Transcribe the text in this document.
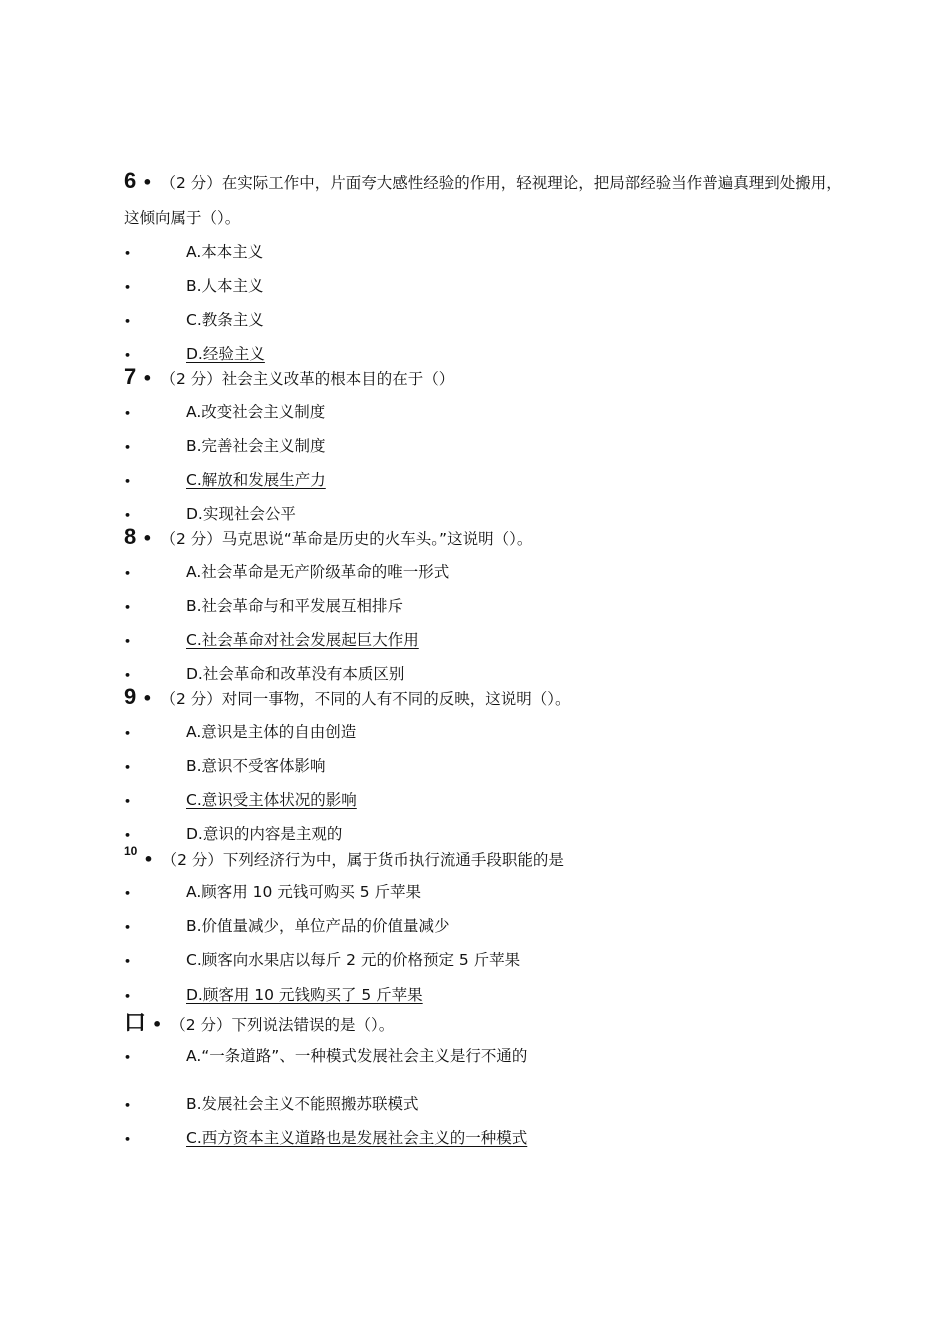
6 • （2 分）在实际工作中，片面夸大感性经验的作用，轻视理论，把局部经验当作普遍真理到处搬用，
这倾向属于（）。
•	A.本本主义
•	B.人本主义
•	C.教条主义
•	D.经验主义
7 • （2 分）社会主义改革的根本目的在于（）
•	A.改变社会主义制度
•	B.完善社会主义制度
•	C.解放和发展生产力
•	D.实现社会公平
8 • （2 分）马克思说“革命是历史的火车头。”这说明（）。
•	A.社会革命是无产阶级革命的唯一形式
•	B.社会革命与和平发展互相排斥
•	C.社会革命对社会发展起巨大作用
•	D.社会革命和改革没有本质区别
9 • （2 分）对同一事物，不同的人有不同的反映，这说明（）。
•	A.意识是主体的自由创造
•	B.意识不受客体影响
•	C.意识受主体状况的影响
•	D.意识的内容是主观的
10 • （2 分）下列经济行为中，属于货币执行流通手段职能的是
•	A.顾客用 10 元钱可购买 5 斤苹果
•	B.价值量减少，单位产品的价值量减少
•	C.顾客向水果店以每斤 2 元的价格预定 5 斤苹果
•	D.顾客用 10 元钱购买了 5 斤苹果
口 • （2 分）下列说法错误的是（）。
•	A.“一条道路”、一种模式发展社会主义是行不通的
•	B.发展社会主义不能照搬苏联模式
•	C.西方资本主义道路也是发展社会主义的一种模式
